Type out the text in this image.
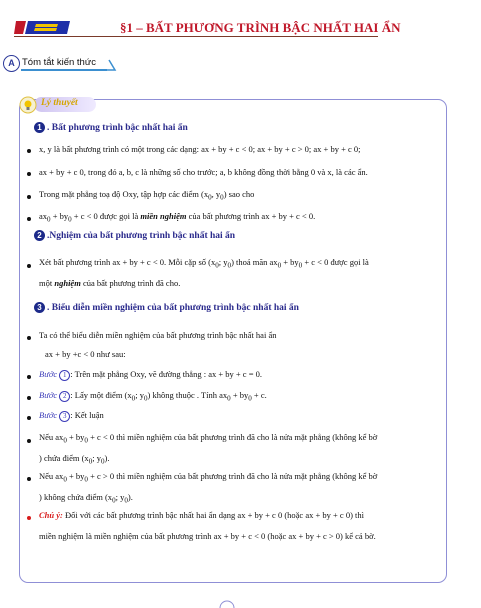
§1 – BẤT PHƯƠNG TRÌNH BẬC NHẤT HAI ẨN
A Tóm tắt kiến thức
Lý thuyết
1 . Bất phương trình bậc nhất hai ẩn
x, y là bất phương trình có một trong các dạng: ax + by + c < 0; ax + by + c > 0; ax + by + c 0;
ax + by + c 0, trong đó a, b, c là những số cho trước; a, b không đồng thời bằng 0 và x, là các ẩn.
Trong mặt phẳng toạ độ Oxy, tập hợp các điểm ($x_0$, $y_0$) sao cho
$ax_0 + by_0 + c < 0$ được gọi là miền nghiệm của bất phương trình ax + by + c < 0.
2 .Nghiệm của bất phương trình bậc nhất hai ẩn
Xét bất phương trình ax + by + c < 0. Mỗi cặp số ($x_0$; $y_0$) thoả mãn $ax_0 + by_0 + c < 0$ được gọi là
một nghiệm của bất phương trình đã cho.
3 . Biểu diễn miền nghiệm của bất phương trình bậc nhất hai ẩn
Ta có thể biểu diễn miền nghiệm của bất phương trình bậc nhất hai ẩn
ax + by +c < 0 như sau:
Bước 1 : Trên mặt phẳng Oxy, vẽ đường thẳng : ax + by + c = 0.
Bước 2 : Lấy một điểm ($x_0$; $y_0$) không thuộc . Tính $ax_0 + by_0 + c$.
Bước 3 : Kết luận
Nếu $ax_0 + by_0 + c < 0$ thì miền nghiệm của bất phương trình đã cho là nửa mặt phẳng (không kể bờ
) chứa điểm ($x_0$; $y_0$).
Nếu $ax_0 + by_0 + c > 0$ thì miền nghiệm của bất phương trình đã cho là nửa mặt phẳng (không kể bờ
) không chứa điểm ($x_0$; $y_0$).
Chú ý: Đối với các bất phương trình bậc nhất hai ẩn dạng ax + by + c 0 (hoặc ax + by + c 0) thì
miền nghiệm là miền nghiệm của bất phương trình ax + by + c < 0 (hoặc ax + by + c > 0) kể cả bờ.
